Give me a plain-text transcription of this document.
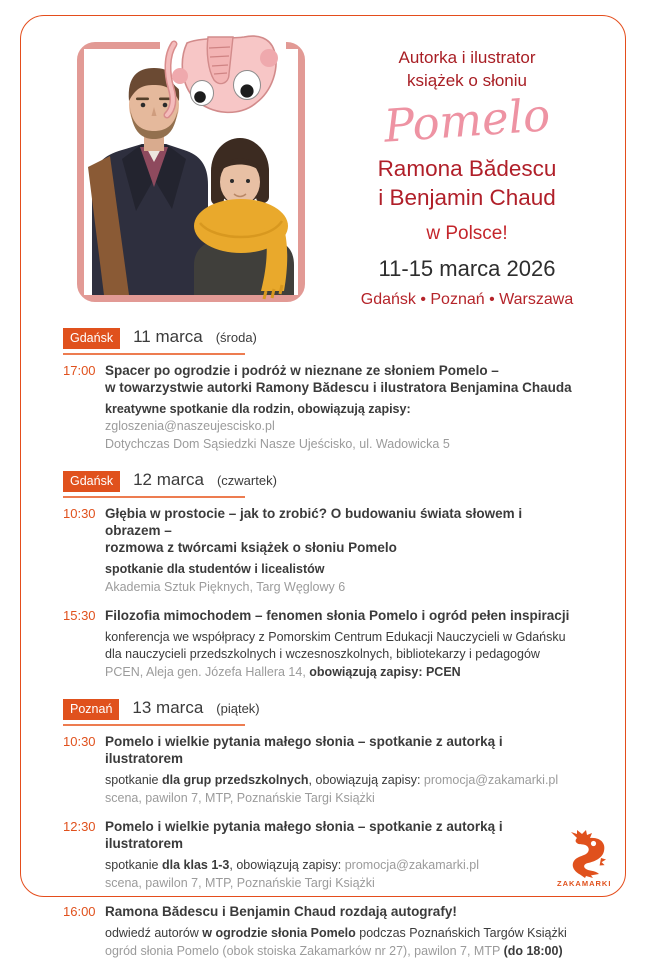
Autorka i ilustrator
książek o słoniu
Pomelo
Ramona Bădescu
i Benjamin Chaud
w Polsce!
11-15 marca 2026
Gdańsk • Poznań • Warszawa
Gdańsk	11 marca (środa)
17:00 Spacer po ogrodzie i podróż w nieznane ze słoniem Pomelo –
w towarzystwie autorki Ramony Bădescu i ilustratora Benjamina Chauda
kreatywne spotkanie dla rodzin, obowiązują zapisy: zgloszenia@naszeujescisko.pl
Dotychczas Dom Sąsiedzki Nasze Ujeścisko, ul. Wadowicka 5
Gdańsk	12 marca (czwartek)
10:30 Głębia w prostocie – jak to zrobić? O budowaniu świata słowem i obrazem –
rozmowa z twórcami książek o słoniu Pomelo
spotkanie dla studentów i licealistów
Akademia Sztuk Pięknych, Targ Węglowy 6
15:30 Filozofia mimochodem – fenomen słonia Pomelo i ogród pełen inspiracji
konferencja we współpracy z Pomorskim Centrum Edukacji Nauczycieli w Gdańsku
dla nauczycieli przedszkolnych i wczesnoszkolnych, bibliotekarzy i pedagogów
PCEN, Aleja gen. Józefa Hallera 14, obowiązują zapisy: PCEN
Poznań	13 marca (piątek)
10:30 Pomelo i wielkie pytania małego słonia – spotkanie z autorką i ilustratorem
spotkanie dla grup przedszkolnych, obowiązują zapisy: promocja@zakamarki.pl
scena, pawilon 7, MTP, Poznańskie Targi Książki
12:30 Pomelo i wielkie pytania małego słonia – spotkanie z autorką i ilustratorem
spotkanie dla klas 1-3, obowiązują zapisy: promocja@zakamarki.pl
scena, pawilon 7, MTP, Poznańskie Targi Książki
16:00 Ramona Bădescu i Benjamin Chaud rozdają autografy!
odwiedź autorów w ogrodzie słonia Pomelo podczas Poznańskich Targów Książki
ogród słonia Pomelo (obok stoiska Zakamarków nr 27), pawilon 7, MTP (do 18:00)
ZAKAMARKI
